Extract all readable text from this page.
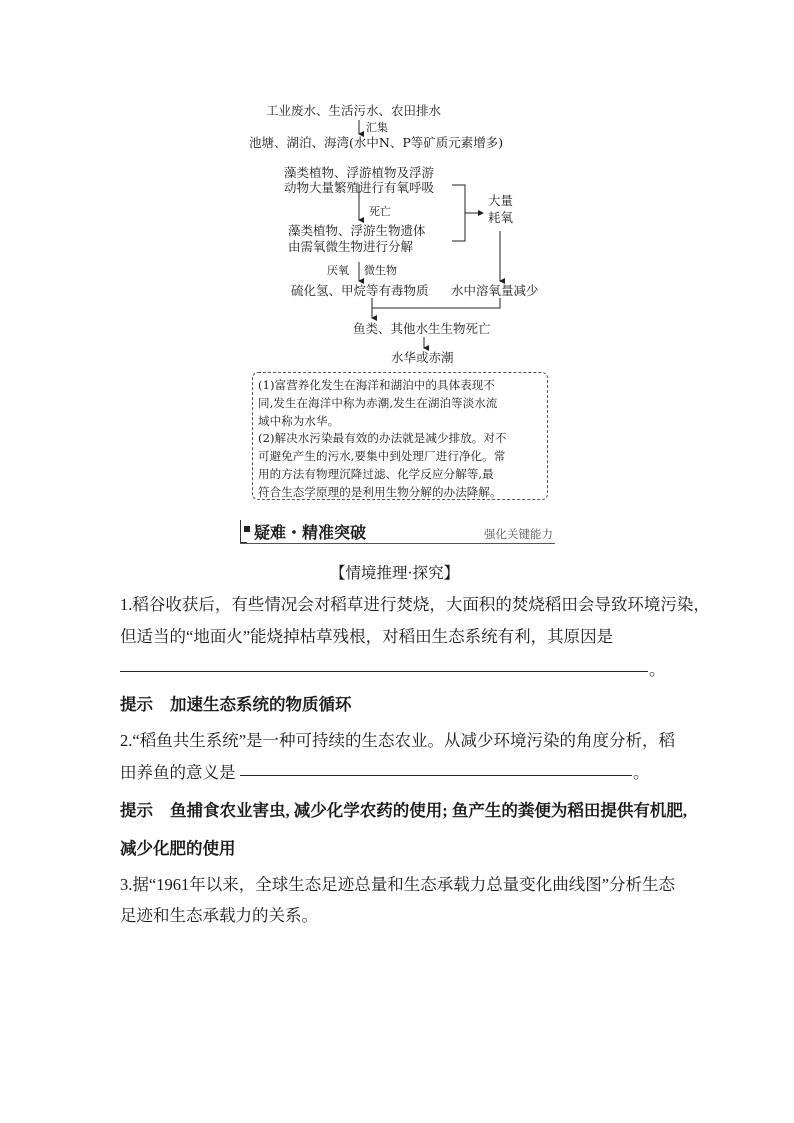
工业废水、生活污水、农田排水
汇集
池塘、湖泊、海湾(水中N、P等矿质元素增多)
藻类植物、浮游植物及浮游
动物大量繁殖进行有氧呼吸
死亡
藻类植物、浮游生物遗体
由需氧微生物进行分解
大量
耗氧
厌氧 微生物
硫化氢、甲烷等有毒物质 水中溶氧量减少
鱼类、其他水生生物死亡
水华或赤潮

(1)富营养化发生在海洋和湖泊中的具体表现不

同,发生在海洋中称为赤潮,发生在湖泊等淡水流

域中称为水华。

(2)解决水污染最有效的办法就是减少排放。对不

可避免产生的污水,要集中到处理厂进行净化。常

用的方法有物理沉降过滤、化学反应分解等,最

符合生态学原理的是利用生物分解的办法降解。

疑难・精准突破	强化关键能力
【情境推理·探究】
1.稻谷收获后，有些情况会对稻草进行焚烧，大面积的焚烧稻田会导致环境污染，
但适当的“地面火”能烧掉枯草残根，对稻田生态系统有利，其原因是
。
提示 加速生态系统的物质循环
2.“稻鱼共生系统”是一种可持续的生态农业。从减少环境污染的角度分析，稻
田养鱼的意义是	。
提示 鱼捕食农业害虫, 减少化学农药的使用; 鱼产生的粪便为稻田提供有机肥,
减少化肥的使用
3.据“1961年以来，全球生态足迹总量和生态承载力总量变化曲线图”分析生态
足迹和生态承载力的关系。
